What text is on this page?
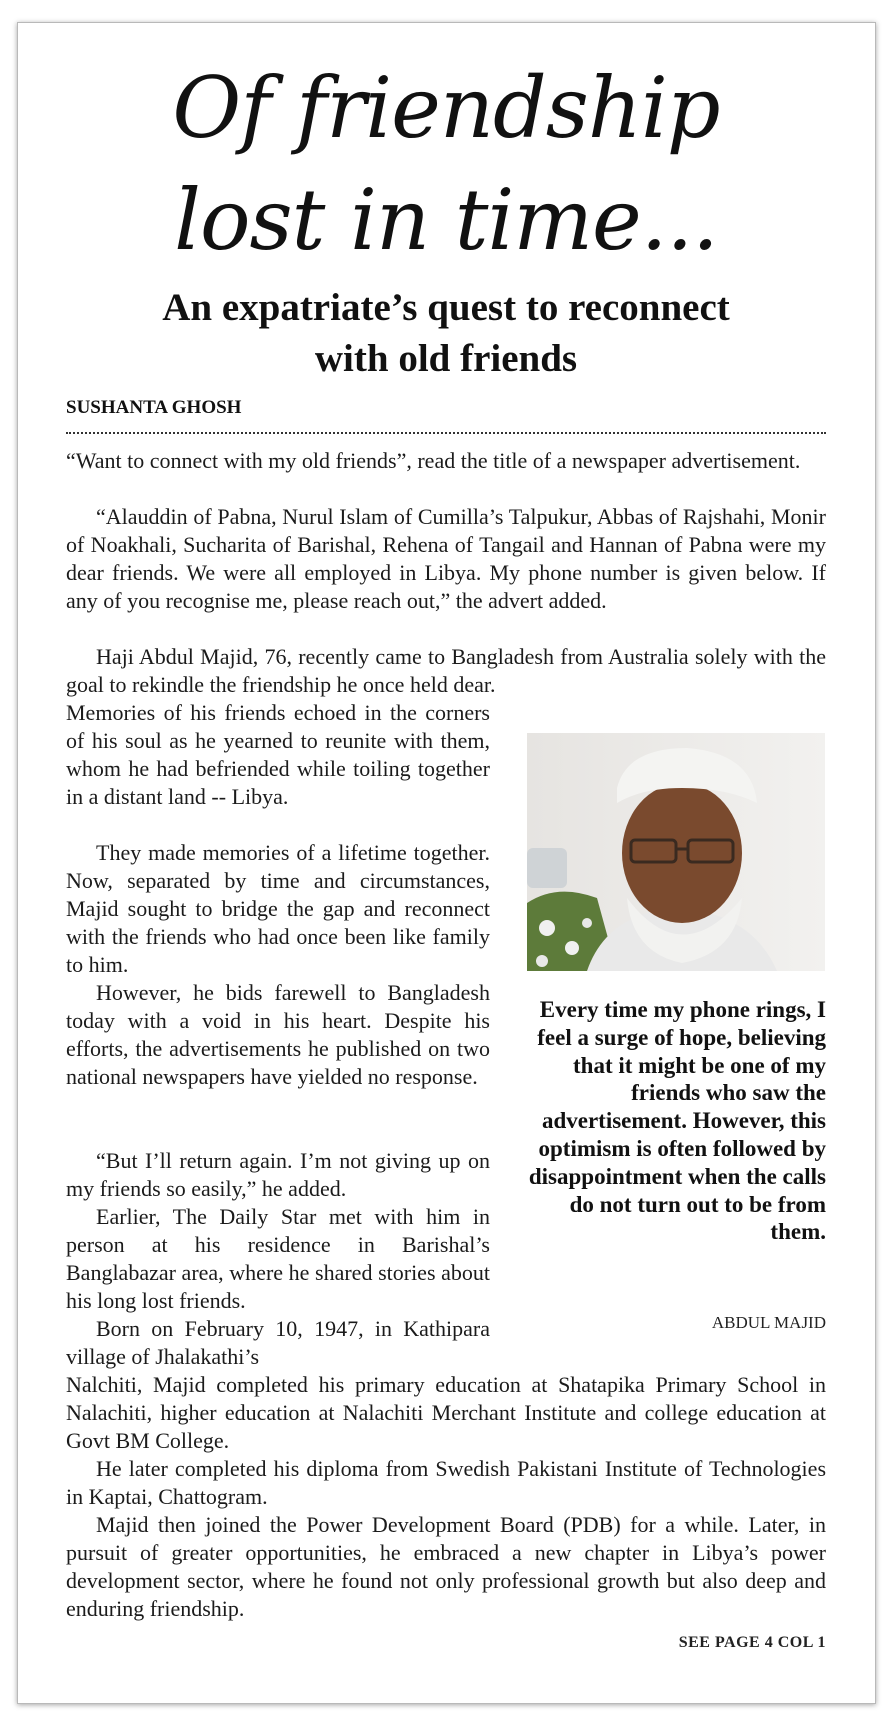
Of friendship
lost in time...
An expatriate’s quest to reconnect
with old friends
SUSHANTA GHOSH

“Want to connect with my old friends”, read the title of a newspaper advertisement.

“Alauddin of Pabna, Nurul Islam of Cumilla’s Talpukur, Abbas of Rajshahi, Monir of Noakhali, Sucharita of Barishal, Rehena of Tangail and Hannan of Pabna were my dear friends. We were all employed in Libya. My phone number is given below. If any of you recognise me, please reach out,” the advert added.

Haji Abdul Majid, 76, recently came to Bangladesh from Australia solely with the goal to rekindle the friendship he once held dear.

Memories of his friends echoed in the corners of his soul as he yearned to reunite with them, whom he had befriended while toiling together in a distant land -- Libya.

They made memories of a lifetime together. Now, separated by time and circumstances, Majid sought to bridge the gap and reconnect with the friends who had once been like family to him.

However, he bids farewell to Bangladesh today with a void in his heart. Despite his efforts, the advertisements he published on two national newspapers have yielded no response.

“But I’ll return again. I’m not giving up on my friends so easily,” he added.

Earlier, The Daily Star met with him in person at his residence in Barishal’s Banglabazar area, where he shared stories about his long lost friends.

Born on February 10, 1947, in Kathipara village of Jhalakathi’s

Nalchiti, Majid completed his primary education at Shatapika Primary School in Nalachiti, higher education at Nalachiti Merchant Institute and college education at Govt BM College.

He later completed his diploma from Swedish Pakistani Institute of Technologies in Kaptai, Chattogram.

Majid then joined the Power Development Board (PDB) for a while. Later, in pursuit of greater opportunities, he embraced a new chapter in Libya’s power development sector, where he found not only professional growth but also deep and enduring friendship.

Every time my phone rings, I feel a surge of hope, believing that it might be one of my friends who saw the advertisement. However, this optimism is often followed by disappointment when the calls do not turn out to be from them.
ABDUL MAJID
SEE PAGE 4 COL 1
